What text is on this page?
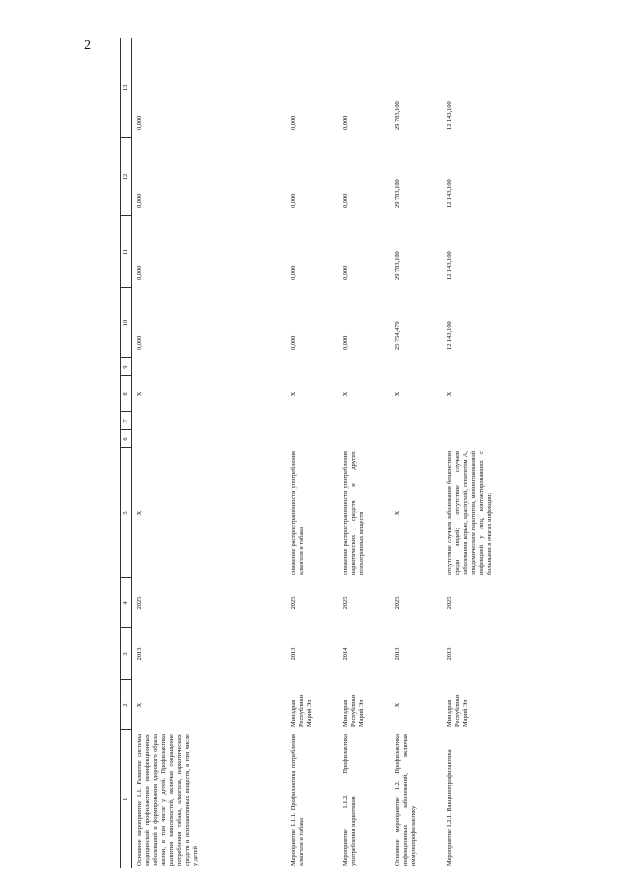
2
1	2	3	4	5	6	7	8	9	10	11	12	13
Основное мероприятие 1.1. Развитие системы медицинской профилактики неинфекционных заболеваний и формирования здорового образа жизни, в том числе у детей. Профилактика развития зависимостей, включая сокращение потребления табака, алкоголя, наркотических средств и психоактивных веществ, в том числе у детей	Х	2013	2025	Х			Х		0,000	0,000	0,000	0,000
Мероприятие 1.1.1. Профилактика потребления алкоголя и табака	Минздрав Республики Марий Эл	2013	2025	снижение распространенности употребления алкоголя и табака			Х		0,000	0,000	0,000	0,000
Мероприятие 1.1.2. Профилактика употребления наркотиков	Минздрав Республики Марий Эл	2014	2025	снижение распространенности употребления наркотических средств и других психотропных веществ			Х		0,000	0,000	0,000	0,000
Основное мероприятие 1.2. Профилактика инфекционных заболеваний, включая иммунопрофилактику	Х	2013	2025	Х			Х		25 754,479	29 783,100	29 783,100	29 783,100
Мероприятие 1.2.1. Вакцинопрофилактика	Минздрав Республики Марий Эл	2013	2025	отсутствие случаев заболевания бешенством среди людей; отсутствие случаев заболевания корью, краснухой, гепатитом А, эпидемическим паротитом, менингококковой инфекцией у лиц, контактировавших с больными в очагах инфекции;			Х		12 143,100	12 143,100	12 143,100	12 143,100
